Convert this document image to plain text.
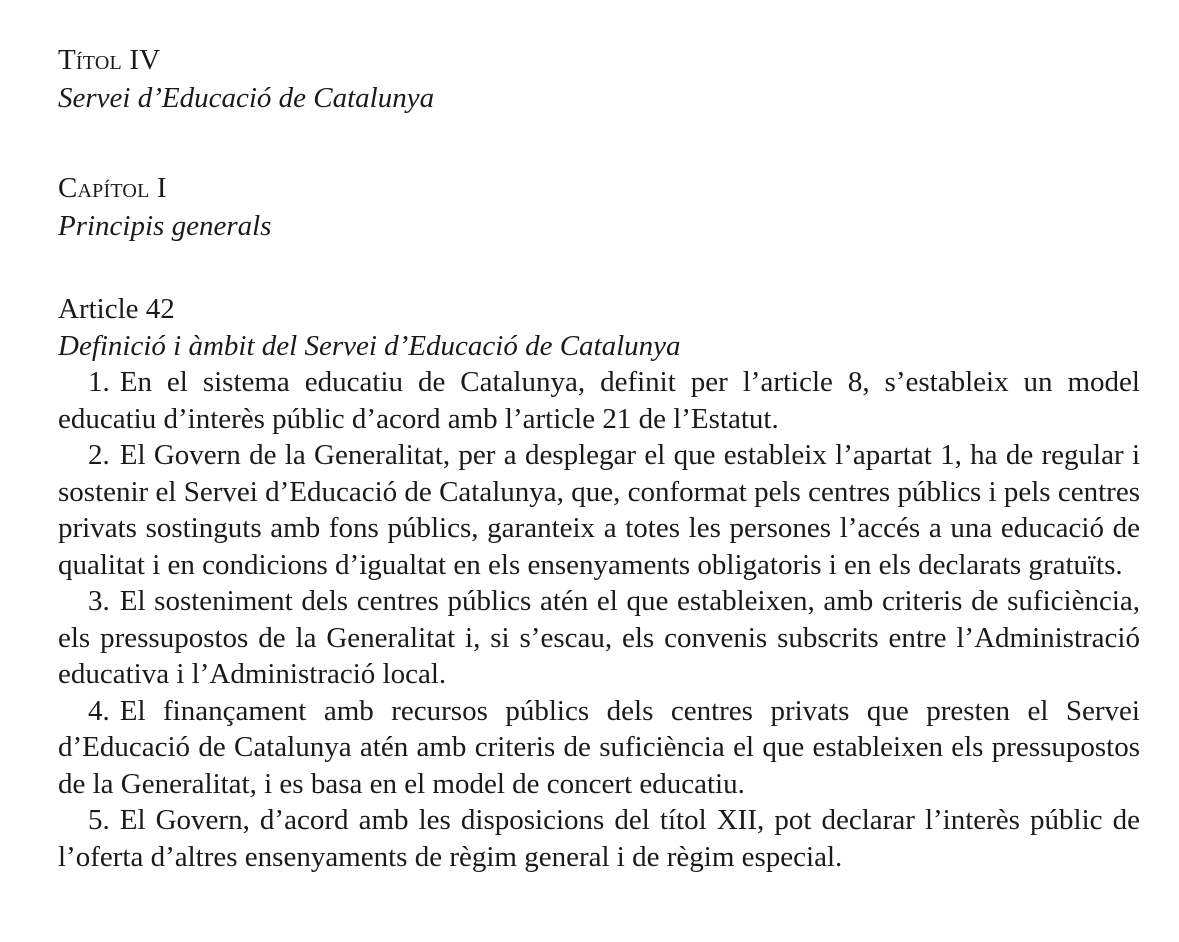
Títol IV
Servei d’Educació de Catalunya
Capítol I
Principis generals
Article 42
Definició i àmbit del Servei d’Educació de Catalunya

1. En el sistema educatiu de Catalunya, definit per l’article 8, s’estableix un model educatiu d’interès públic d’acord amb l’article 21 de l’Estatut.

2. El Govern de la Generalitat, per a desplegar el que estableix l’apartat 1, ha de regular i sostenir el Servei d’Educació de Catalunya, que, conformat pels centres públics i pels centres privats sostinguts amb fons públics, garanteix a totes les persones l’accés a una educació de qualitat i en condicions d’igualtat en els ensenyaments obligatoris i en els declarats gratuïts.

3. El sosteniment dels centres públics atén el que estableixen, amb criteris de suficiència, els pressupostos de la Generalitat i, si s’escau, els convenis subscrits entre l’Administració educativa i l’Administració local.

4. El finançament amb recursos públics dels centres privats que presten el Servei d’Educació de Catalunya atén amb criteris de suficiència el que estableixen els pressupostos de la Generalitat, i es basa en el model de concert educatiu.

5. El Govern, d’acord amb les disposicions del títol XII, pot declarar l’interès públic de l’oferta d’altres ensenyaments de règim general i de règim especial.
